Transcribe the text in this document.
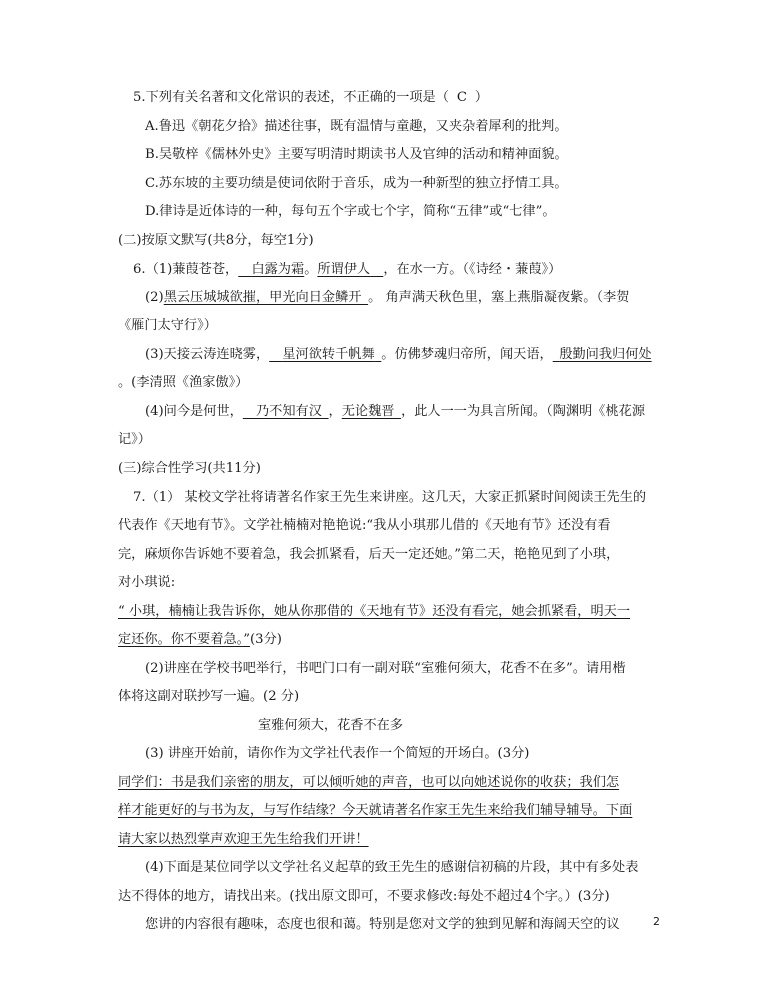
5.下列有关名著和文化常识的表述，不正确的一项是（ C ）
A.鲁迅《朝花夕拾》描述往事，既有温情与童趣，又夹杂着犀利的批判。
B.吴敬梓《儒林外史》主要写明清时期读书人及官绅的活动和精神面貌。
C.苏东坡的主要功绩是使词依附于音乐，成为一种新型的独立抒情工具。
D.律诗是近体诗的一种，每句五个字或七个字，简称“五律”或“七律”。
(二)按原文默写(共8分，每空1分)
6.（1)蒹葭苍苍，  白露为霜。所谓伊人  ，在水一方。（《诗经・蒹葭》）
(2)黑云压城城欲摧，甲光向日金鳞开  。 角声满天秋色里，塞上燕脂凝夜紫。（李贺
《雁门太守行》）
(3)天接云涛连晓雾，  星河欲转千帆舞  。仿佛梦魂归帝所，闻天语，  殷勤问我归何处
。(李清照《渔家傲》）
(4)问今是何世，  乃不知有汉  ，无论魏晋  ，此人一一为具言所闻。（陶渊明《桃花源
记》）
(三)综合性学习(共11分)
7.（1） 某校文学社将请著名作家王先生来讲座。这几天，大家正抓紧时间阅读王先生的
代表作《天地有节》。文学社楠楠对艳艳说:“我从小琪那儿借的《天地有节》还没有看
完，麻烦你告诉她不要着急，我会抓紧看，后天一定还她。”第二天，艳艳见到了小琪，
对小琪说:
“ 小琪，楠楠让我告诉你，她从你那借的《天地有节》还没有看完，她会抓紧看，明天一
定还你。你不要着急。”(3分)
(2)讲座在学校书吧举行，书吧门口有一副对联“室雅何须大，花香不在多”。请用楷
体将这副对联抄写一遍。(2 分)
室雅何须大，花香不在多
(3) 讲座开始前，请你作为文学社代表作一个简短的开场白。(3分)
同学们：书是我们亲密的朋友，可以倾听她的声音，也可以向她述说你的收获；我们怎
样才能更好的与书为友，与写作结缘？今天就请著名作家王先生来给我们辅导辅导。下面
请大家以热烈掌声欢迎王先生给我们开讲！
(4)下面是某位同学以文学社名义起草的致王先生的感谢信初稿的片段，其中有多处表
达不得体的地方，请找出来。(找出原文即可，不要求修改:每处不超过4个字。）(3分)
您讲的内容很有趣味，态度也很和蔼。特别是您对文学的独到见解和海阔天空的议	2
